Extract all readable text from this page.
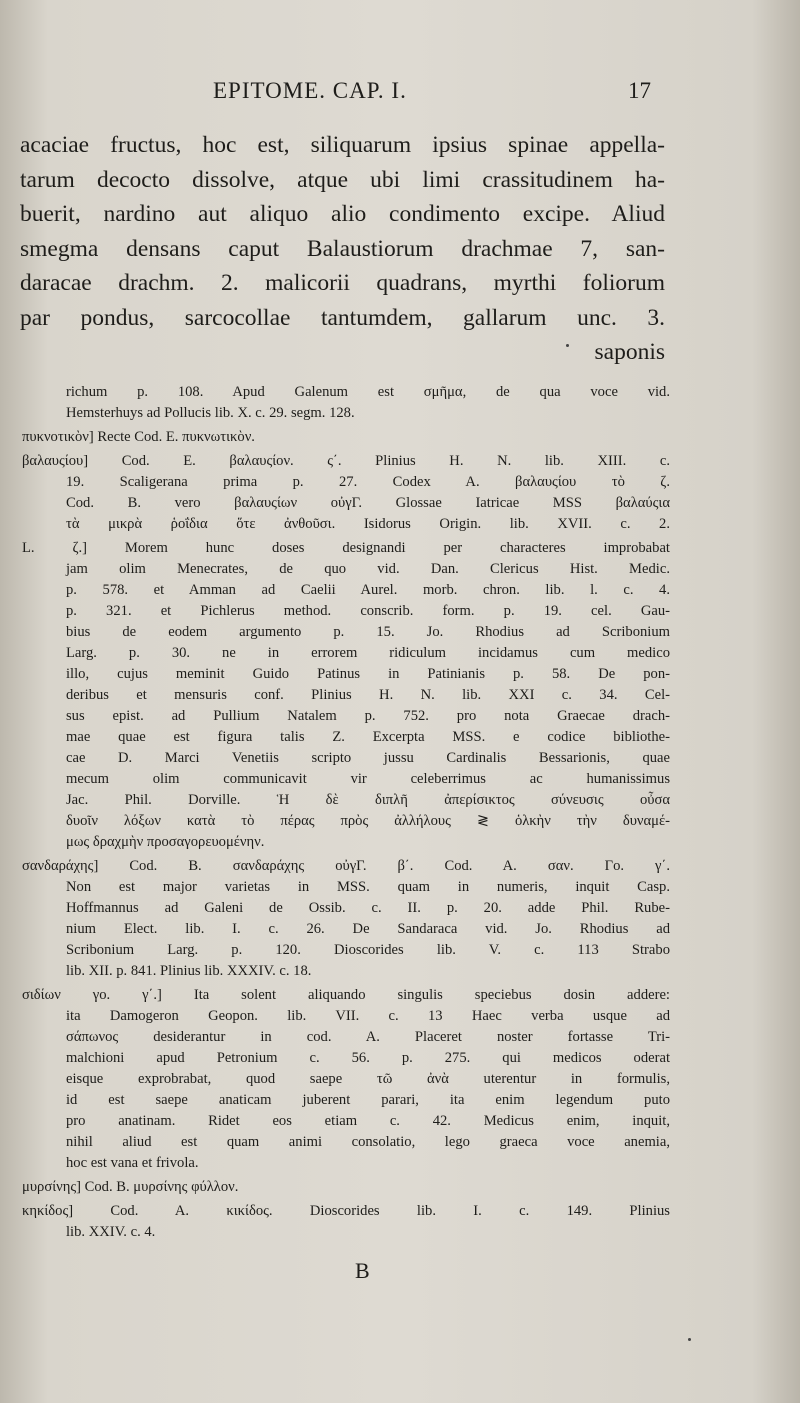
EPITOME. CAP. I.	17
acaciae fructus, hoc est, siliquarum ipsius spinae appella-
tarum decocto dissolve, atque ubi limi crassitudinem ha-
buerit, nardino aut aliquo alio condimento excipe. Aliud
smegma densans caput Balaustiorum drachmae 7, san-
daracae drachm. 2. malicorii quadrans, myrthi foliorum
par pondus, sarcocollae tantumdem, gallarum unc. 3.
saponis
richum p. 108. Apud Galenum est σμῆμα, de qua voce vid.
Hemsterhuys ad Pollucis lib. X. c. 29. segm. 128.
πυκνοτικὸν] Recte Cod. E. πυκνωτικὸν.
βαλαυςίου] Cod. E. βαλαυςίον. ς΄. Plinius H. N. lib. XIII. c.
19. Scaligerana prima p. 27. Codex A. βαλαυςίου τὸ ζ.
Cod. B. vero βαλαυςίων οὐγΓ. Glossae Iatricae MSS βαλαύςια
τὰ μικρὰ ῥοΐδια ὅτε ἀνθοῦσι. Isidorus Origin. lib. XVII. c. 2.
L. ζ.] Morem hunc doses designandi per characteres improbabat
jam olim Menecrates, de quo vid. Dan. Clericus Hist. Medic.
p. 578. et Amman ad Caelii Aurel. morb. chron. lib. l. c. 4.
p. 321. et Pichlerus method. conscrib. form. p. 19. cel. Gau-
bius de eodem argumento p. 15. Jo. Rhodius ad Scribonium
Larg. p. 30. ne in errorem ridiculum incidamus cum medico
illo, cujus meminit Guido Patinus in Patinianis p. 58. De pon-
deribus et mensuris conf. Plinius H. N. lib. XXI c. 34. Cel-
sus epist. ad Pullium Natalem p. 752. pro nota Graecae drach-
mae quae est figura talis Z. Excerpta MSS. e codice bibliothe-
cae D. Marci Venetiis scripto jussu Cardinalis Bessarionis, quae
mecum olim communicavit vir celeberrimus ac humanissimus
Jac. Phil. Dorville. Ἡ δὲ διπλῆ ἀπερίσικτος σύνευσις οὖσα
δυοῖν λόξων κατὰ τὸ πέρας πρὸς ἀλλήλους ≷ ὁλκὴν τὴν δυναμέ-
μως δραχμὴν προσαγορευομένην.
σανδαράχης] Cod. B. σανδαράχης οὐγΓ. β΄. Cod. A. σαν. Γο. γ΄.
Non est major varietas in MSS. quam in numeris, inquit Casp.
Hoffmannus ad Galeni de Ossib. c. II. p. 20. adde Phil. Rube-
nium Elect. lib. I. c. 26. De Sandaraca vid. Jo. Rhodius ad
Scribonium Larg. p. 120. Dioscorides lib. V. c. 113 Strabo
lib. XII. p. 841. Plinius lib. XXXIV. c. 18.
σιδίων γο. γ΄.] Ita solent aliquando singulis speciebus dosin addere:
ita Damogeron Geopon. lib. VII. c. 13 Haec verba usque ad
σάπωνος desiderantur in cod. A. Placeret noster fortasse Tri-
malchioni apud Petronium c. 56. p. 275. qui medicos oderat
eisque exprobrabat, quod saepe τῶ ἀνὰ uterentur in formulis,
id est saepe anaticam juberent parari, ita enim legendum puto
pro anatinam. Ridet eos etiam c. 42. Medicus enim, inquit,
nihil aliud est quam animi consolatio, lego graeca voce anemia,
hoc est vana et frivola.
μυρσίνης] Cod. B. μυρσίνης φύλλον.
κηκίδος] Cod. A. κικίδος. Dioscorides lib. I. c. 149. Plinius
lib. XXIV. c. 4.
B
